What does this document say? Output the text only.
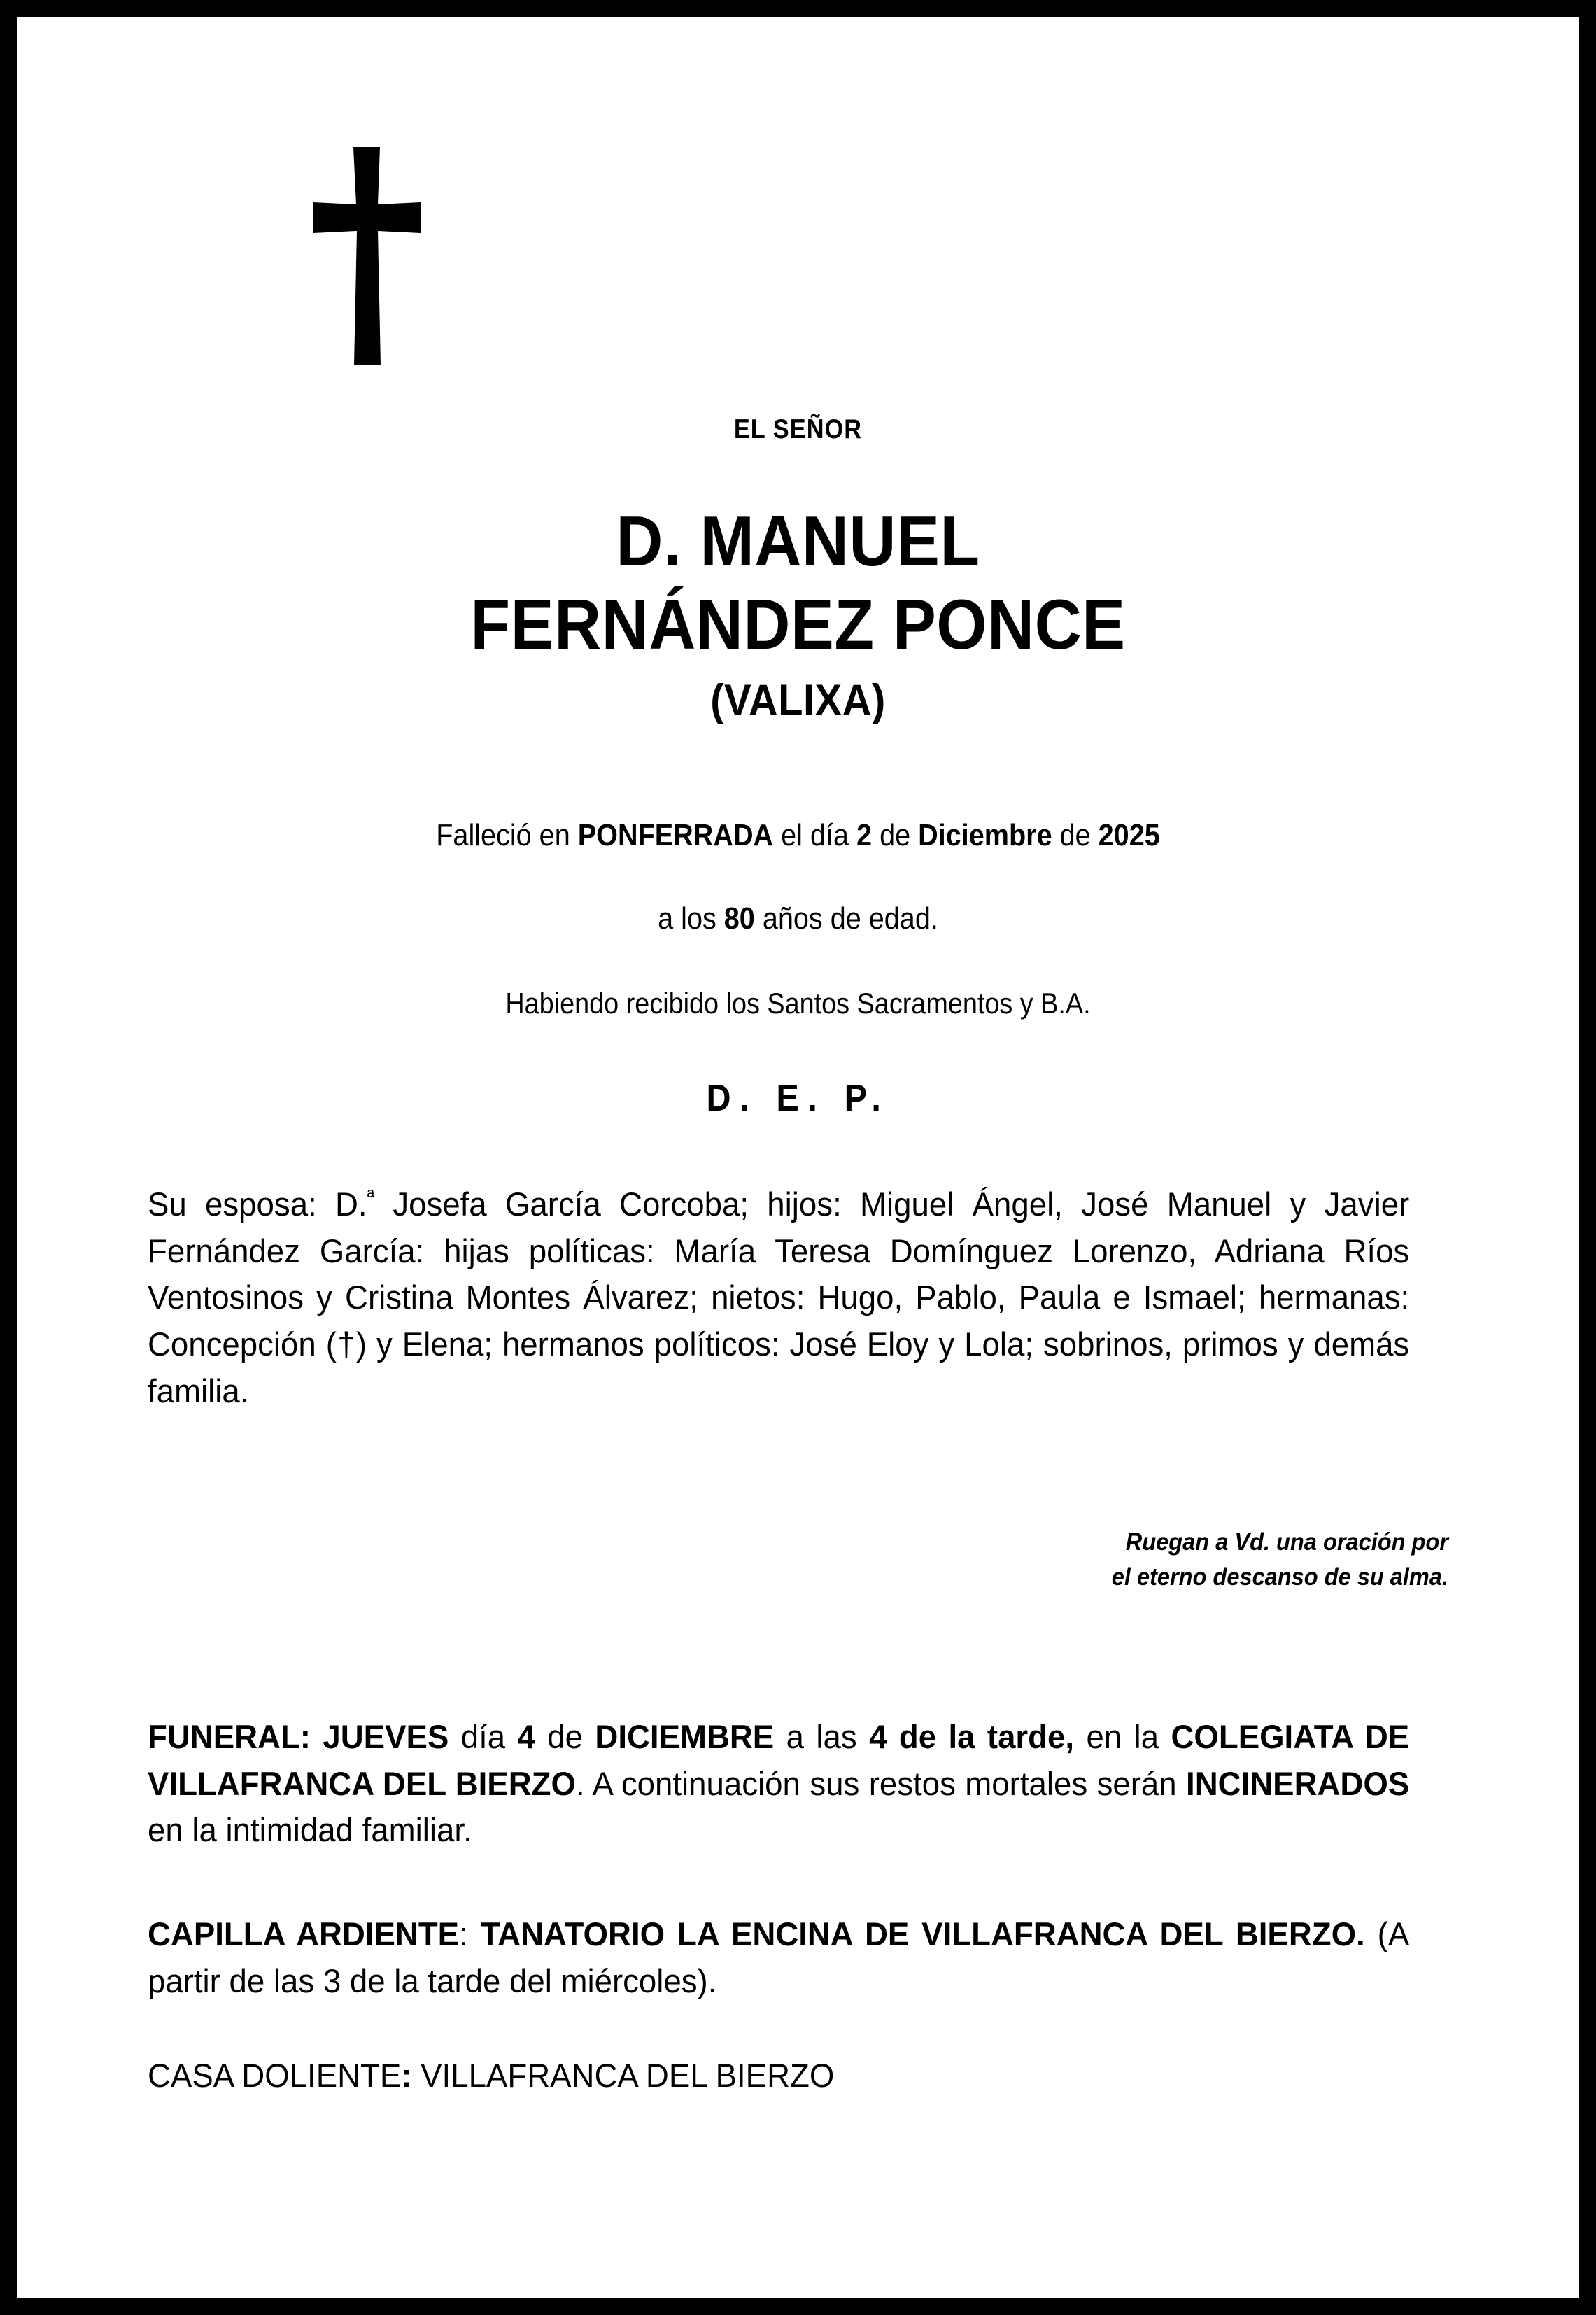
EL SEÑOR
D. MANUEL
FERNÁNDEZ PONCE
(VALIXA)
Falleció en PONFERRADA el día 2 de Diciembre de 2025
a los 80 años de edad.
Habiendo recibido los Santos Sacramentos y B.A.
D. E. P.
Su esposa: D.$^ª$ Josefa García Corcoba; hijos: Miguel Ángel, José Manuel y Javier Fernández García: hijas políticas: María Teresa Domínguez Lorenzo, Adriana Ríos Ventosinos y Cristina Montes Álvarez; nietos: Hugo, Pablo, Paula e Ismael; hermanas: Concepción (†) y Elena; hermanos políticos: José Eloy y Lola; sobrinos, primos y demás familia.
Ruegan a Vd. una oración por
el eterno descanso de su alma.
FUNERAL: JUEVES día 4 de DICIEMBRE a las 4 de la tarde, en la COLEGIATA DE VILLAFRANCA DEL BIERZO. A continuación sus restos mortales serán INCINERADOS en la intimidad familiar.
CAPILLA ARDIENTE: TANATORIO LA ENCINA DE VILLAFRANCA DEL BIERZO. (A partir de las 3 de la tarde del miércoles).
CASA DOLIENTE: VILLAFRANCA DEL BIERZO
